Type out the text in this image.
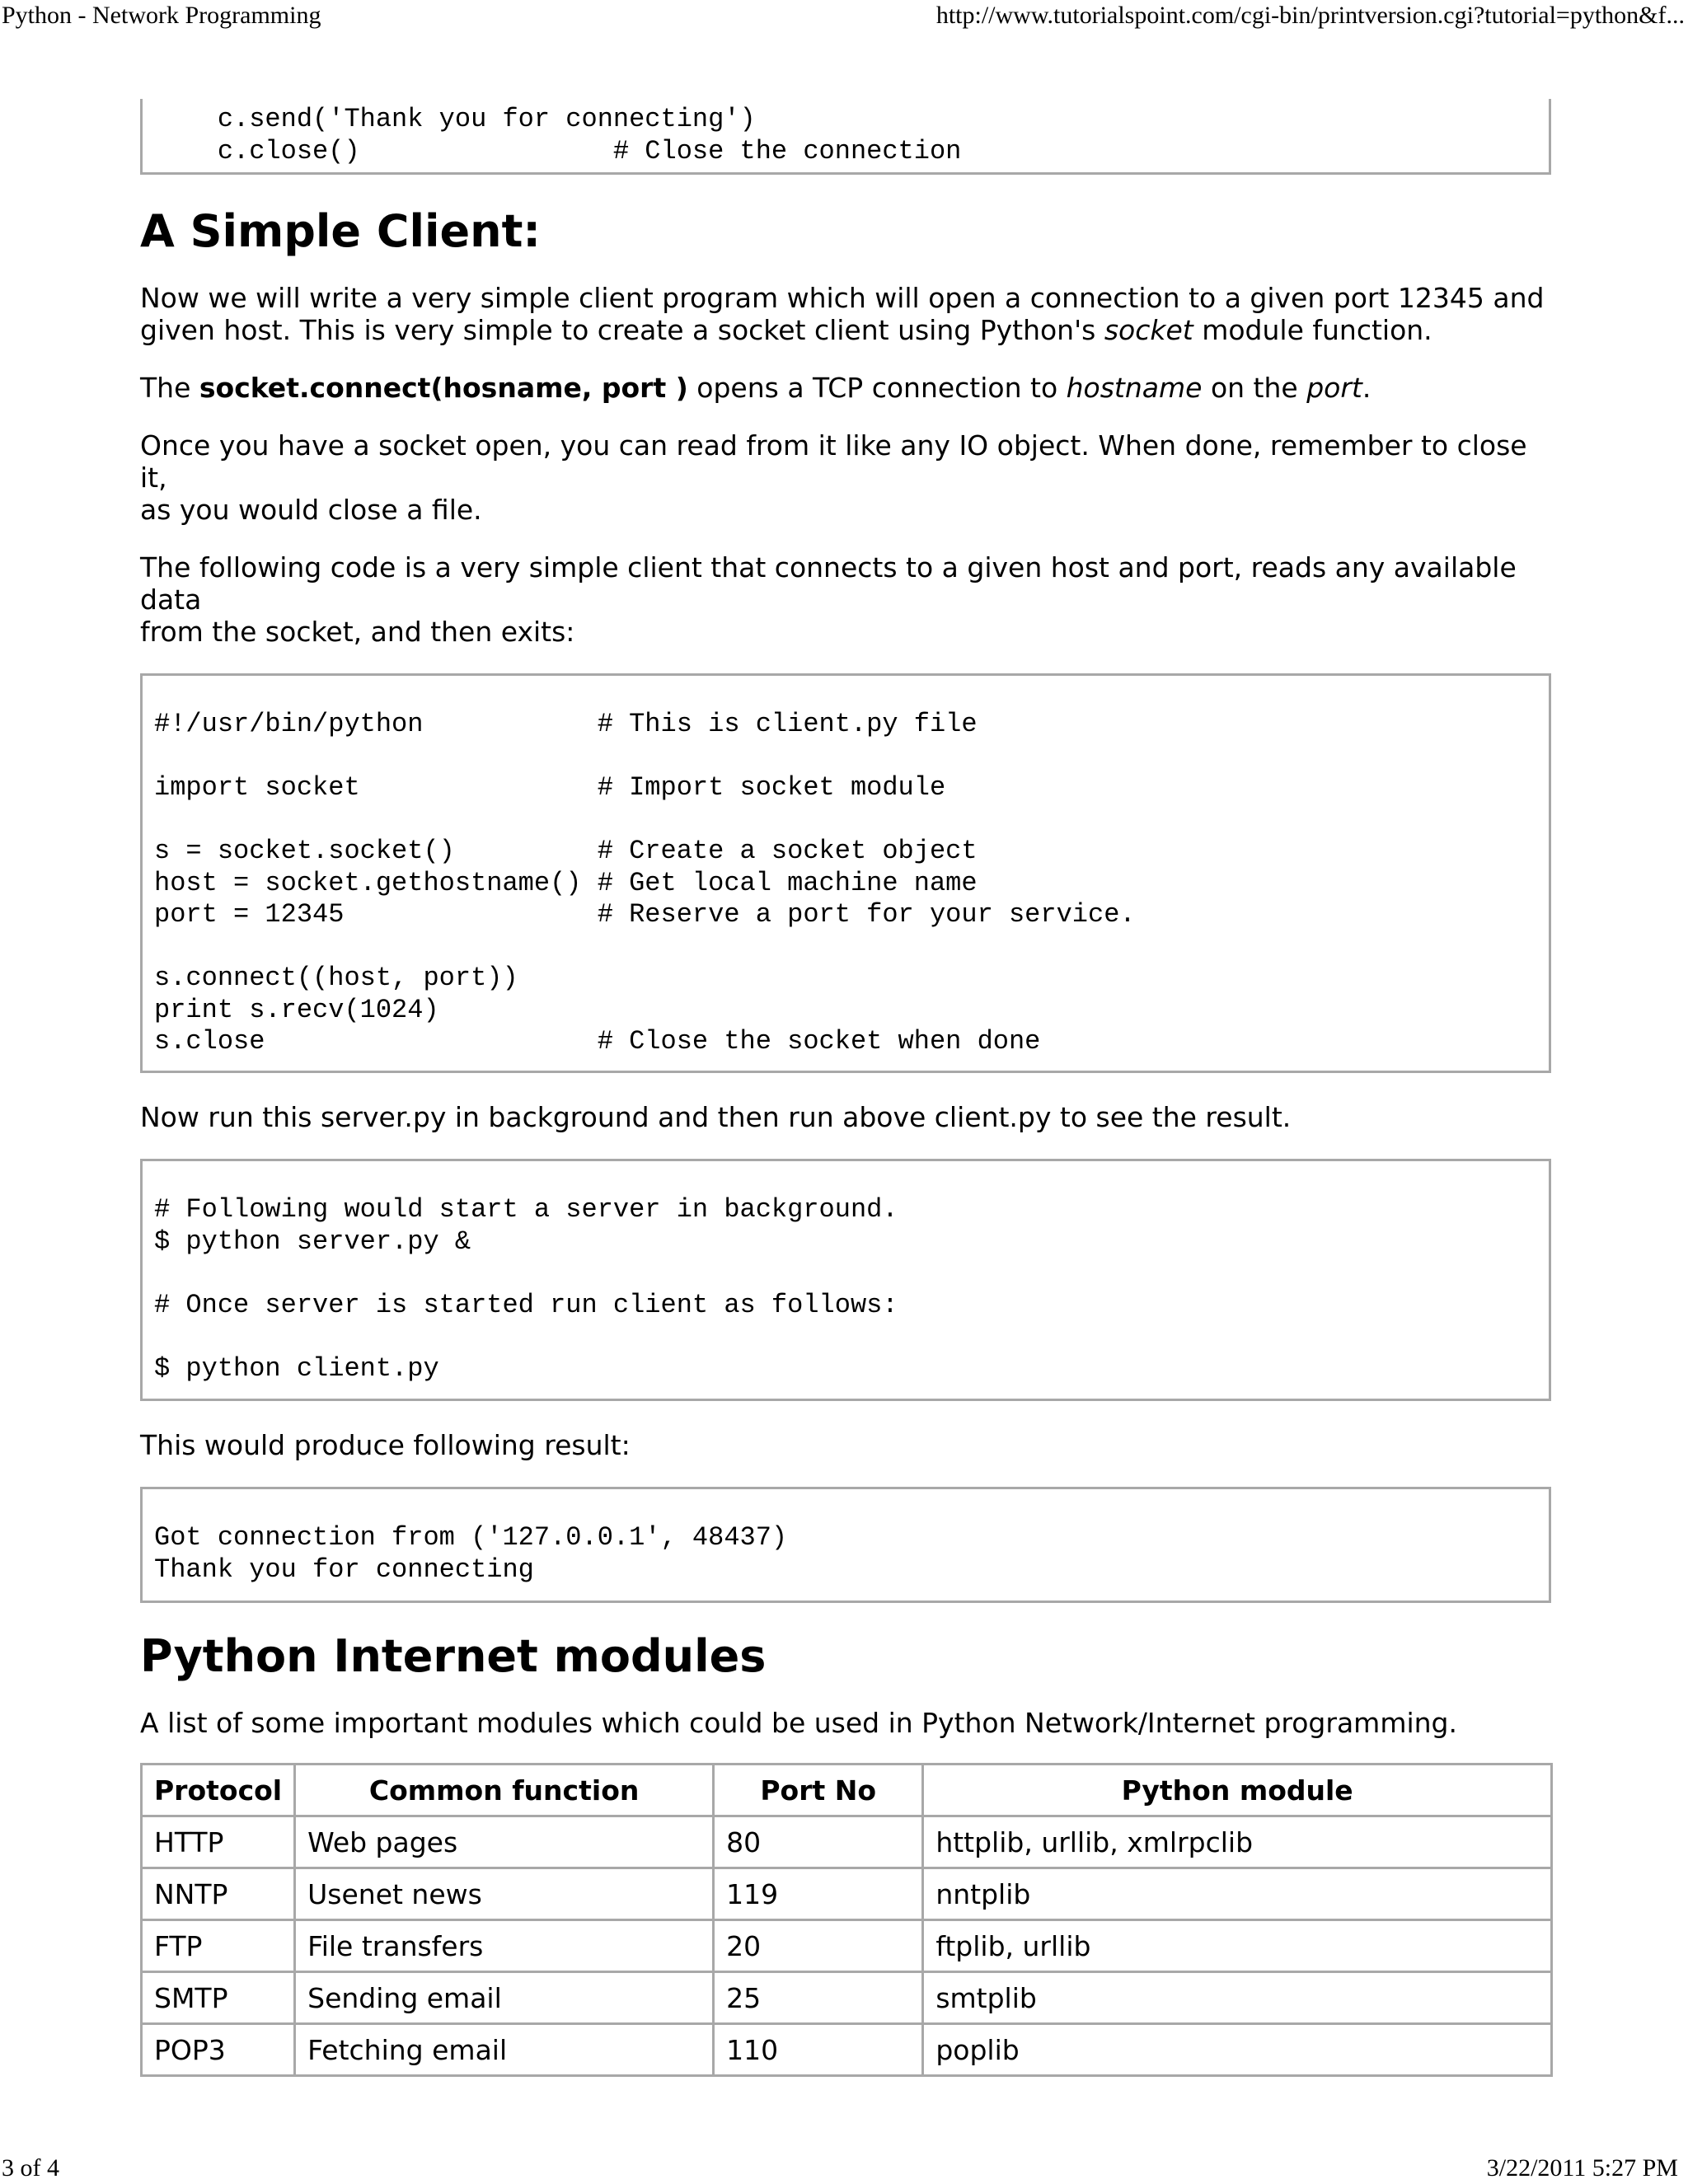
Python - Network Programming	http://www.tutorialspoint.com/cgi-bin/printversion.cgi?tutorial=python&f...
c.send('Thank you for connecting')
c.close()                # Close the connection
A Simple Client:

Now we will write a very simple client program which will open a connection to a given port 12345 and
given host. This is very simple to create a socket client using Python's socket module function.

The socket.connect(hosname, port ) opens a TCP connection to hostname on the port.

Once you have a socket open, you can read from it like any IO object. When done, remember to close it,
as you would close a file.

The following code is a very simple client that connects to a given host and port, reads any available data
from the socket, and then exits:

#!/usr/bin/python           # This is client.py file

import socket               # Import socket module

s = socket.socket()         # Create a socket object
host = socket.gethostname() # Get local machine name
port = 12345                # Reserve a port for your service.

s.connect((host, port))
print s.recv(1024)
s.close                     # Close the socket when done

Now run this server.py in background and then run above client.py to see the result.

# Following would start a server in background.
$ python server.py &

# Once server is started run client as follows:

$ python client.py

This would produce following result:

Got connection from ('127.0.0.1', 48437)
Thank you for connecting
Python Internet modules

A list of some important modules which could be used in Python Network/Internet programming.

Protocol	Common function	Port No	Python module
HTTP	Web pages	80	httplib, urllib, xmlrpclib
NNTP	Usenet news	119	nntplib
FTP	File transfers	20	ftplib, urllib
SMTP	Sending email	25	smtplib
POP3	Fetching email	110	poplib
3 of 4	3/22/2011 5:27 PM
